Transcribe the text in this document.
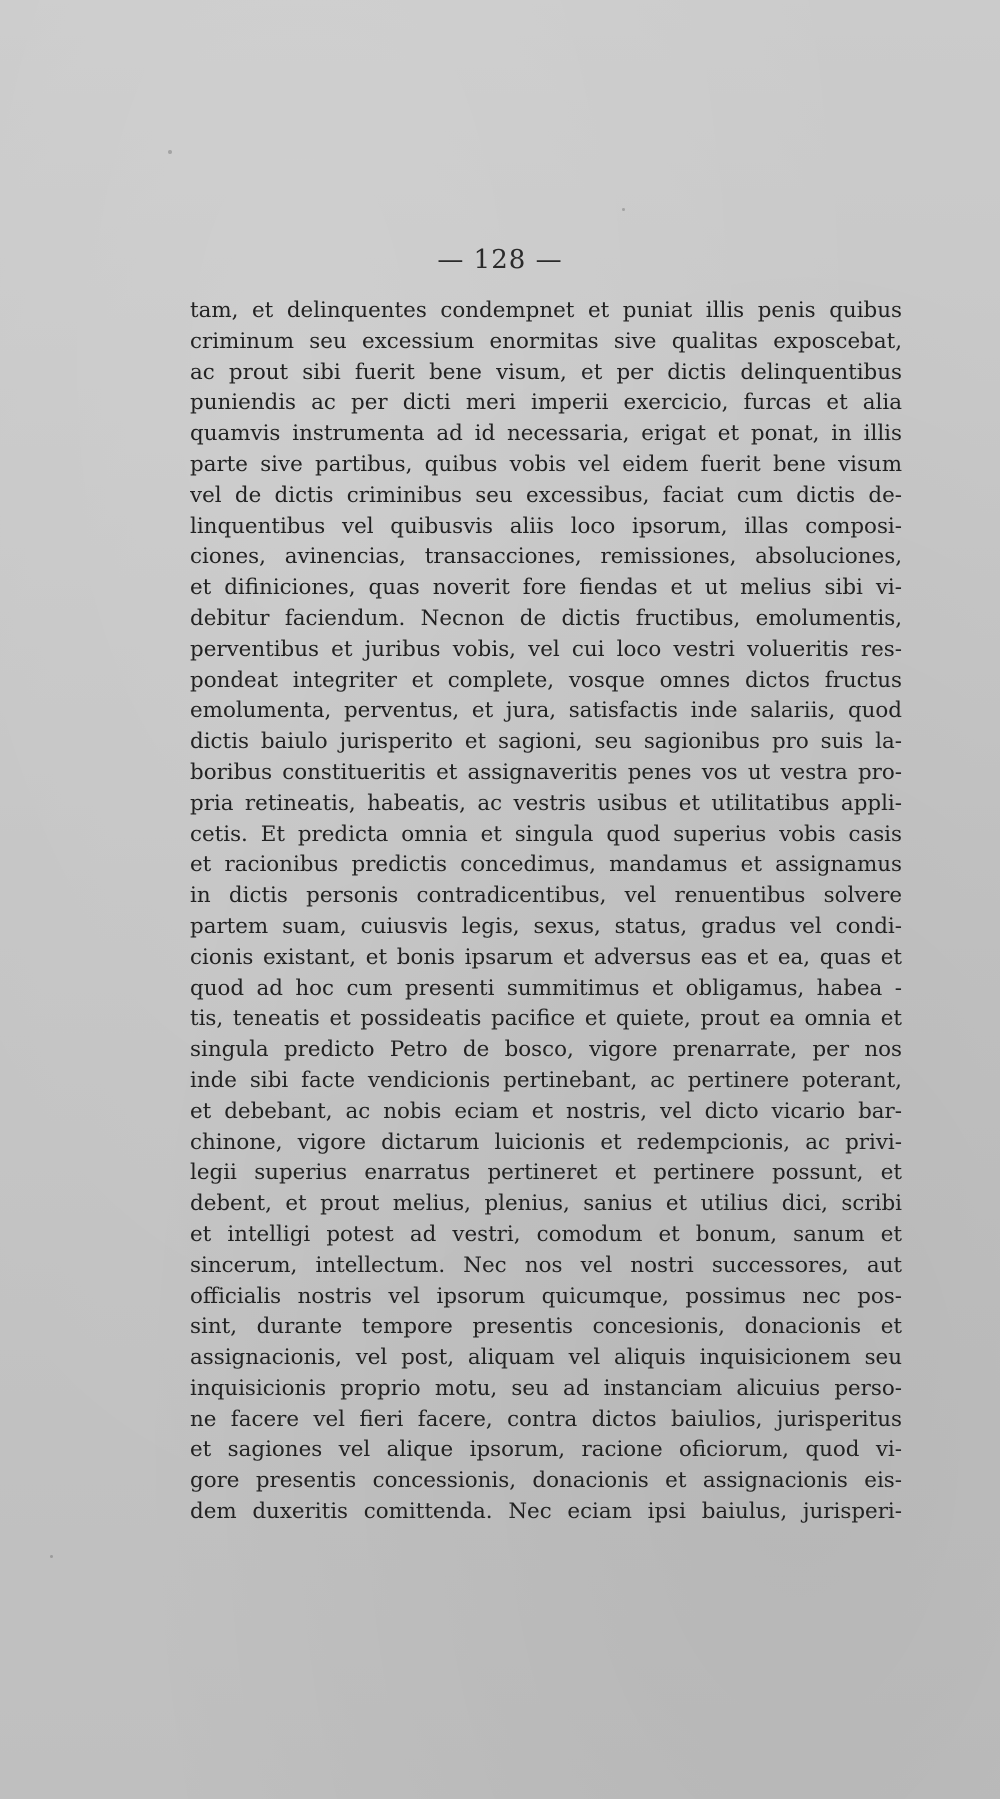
— 128 —
tam, et delinquentes condempnet et puniat illis penis quibus
criminum seu excessium enormitas sive qualitas exposcebat,
ac prout sibi fuerit bene visum, et per dictis delinquentibus
puniendis ac per dicti meri imperii exercicio, furcas et alia
quamvis instrumenta ad id necessaria, erigat et ponat, in illis
parte sive partibus, quibus vobis vel eidem fuerit bene visum
vel de dictis criminibus seu excessibus, faciat cum dictis de-
linquentibus vel quibusvis aliis loco ipsorum, illas composi-
ciones, avinencias, transacciones, remissiones, absoluciones,
et difiniciones, quas noverit fore fiendas et ut melius sibi vi-
debitur faciendum. Necnon de dictis fructibus, emolumentis,
perventibus et juribus vobis, vel cui loco vestri volueritis res-
pondeat integriter et complete, vosque omnes dictos fructus
emolumenta, perventus, et jura, satisfactis inde salariis, quod
dictis baiulo jurisperito et sagioni, seu sagionibus pro suis la-
boribus constitueritis et assignaveritis penes vos ut vestra pro-
pria retineatis, habeatis, ac vestris usibus et utilitatibus appli-
cetis. Et predicta omnia et singula quod superius vobis casis
et racionibus predictis concedimus, mandamus et assignamus
in dictis personis contradicentibus, vel renuentibus solvere
partem suam, cuiusvis legis, sexus, status, gradus vel condi-
cionis existant, et bonis ipsarum et adversus eas et ea, quas et
quod ad hoc cum presenti summitimus et obligamus, habea -
tis, teneatis et possideatis pacifice et quiete, prout ea omnia et
singula predicto Petro de bosco, vigore prenarrate, per nos
inde sibi facte vendicionis pertinebant, ac pertinere poterant,
et debebant, ac nobis eciam et nostris, vel dicto vicario bar-
chinone, vigore dictarum luicionis et redempcionis, ac privi-
legii superius enarratus pertineret et pertinere possunt, et
debent, et prout melius, plenius, sanius et utilius dici, scribi
et intelligi potest ad vestri, comodum et bonum, sanum et
sincerum, intellectum. Nec nos vel nostri successores, aut
officialis nostris vel ipsorum quicumque, possimus nec pos-
sint, durante tempore presentis concesionis, donacionis et
assignacionis, vel post, aliquam vel aliquis inquisicionem seu
inquisicionis proprio motu, seu ad instanciam alicuius perso-
ne facere vel fieri facere, contra dictos baiulios, jurisperitus
et sagiones vel alique ipsorum, racione oficiorum, quod vi-
gore presentis concessionis, donacionis et assignacionis eis-
dem duxeritis comittenda. Nec eciam ipsi baiulus, jurisperi-
